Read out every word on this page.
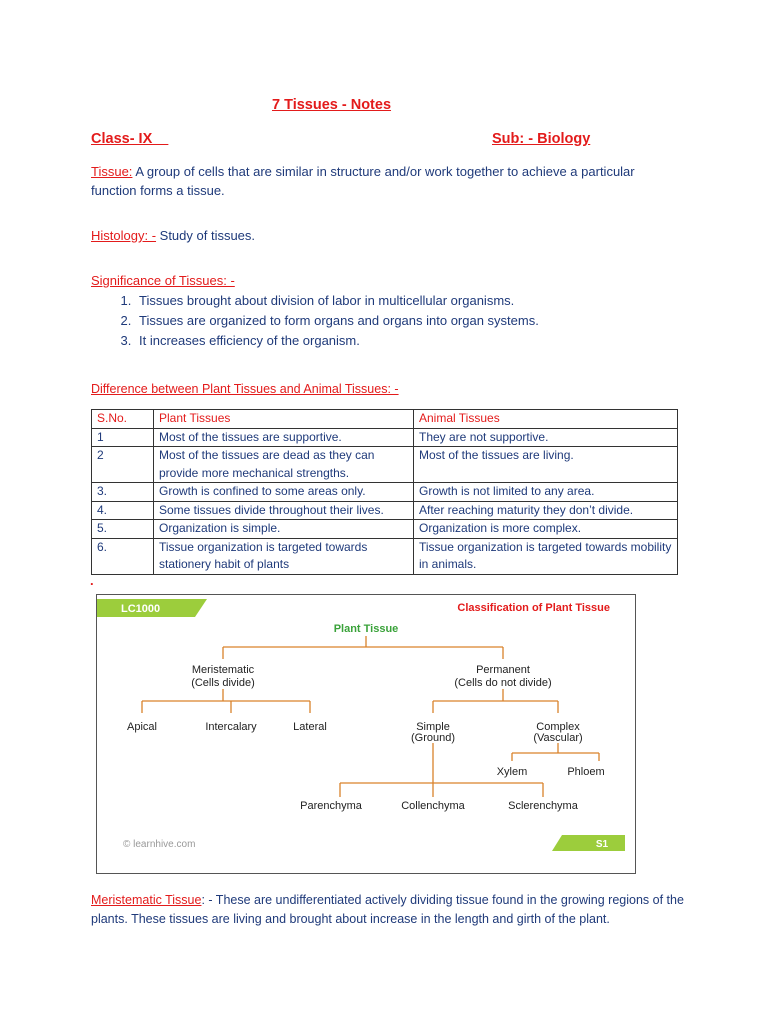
7 Tissues - Notes
Class- IX	Sub: - Biology
Tissue: A group of cells that are similar in structure and/or work together to achieve a particular function forms a tissue.
Histology: - Study of tissues.
Significance of Tissues: -
1. Tissues brought about division of labor in multicellular organisms.
2. Tissues are organized to form organs and organs into organ systems.
3. It increases efficiency of the organism.
Difference between Plant Tissues and Animal Tissues: -
S.No.	Plant Tissues	Animal Tissues
1	Most of the tissues are supportive.	They are not supportive.
2	Most of the tissues are dead as they can provide more mechanical strengths.	Most of the tissues are living.
3.	Growth is confined to some areas only.	Growth is not limited to any area.
4.	Some tissues divide throughout their lives.	After reaching maturity they don’t divide.
5.	Organization is simple.	Organization is more complex.
6.	Tissue organization is targeted towards stationery habit of plants	Tissue organization is targeted towards mobility in animals.
.
LC1000	Classification of Plant Tissue
Plant Tissue
Meristematic
(Cells divide)
Permanent
(Cells do not divide)
Apical	Intercalary	Lateral	Simple
(Ground)
Complex
(Vascular)
Xylem	Phloem
Parenchyma	Collenchyma	Sclerenchyma
© learnhive.com	S1
Meristematic Tissue: - These are undifferentiated actively dividing tissue found in the growing regions of the plants. These tissues are living and brought about increase in the length and girth of the plant.
